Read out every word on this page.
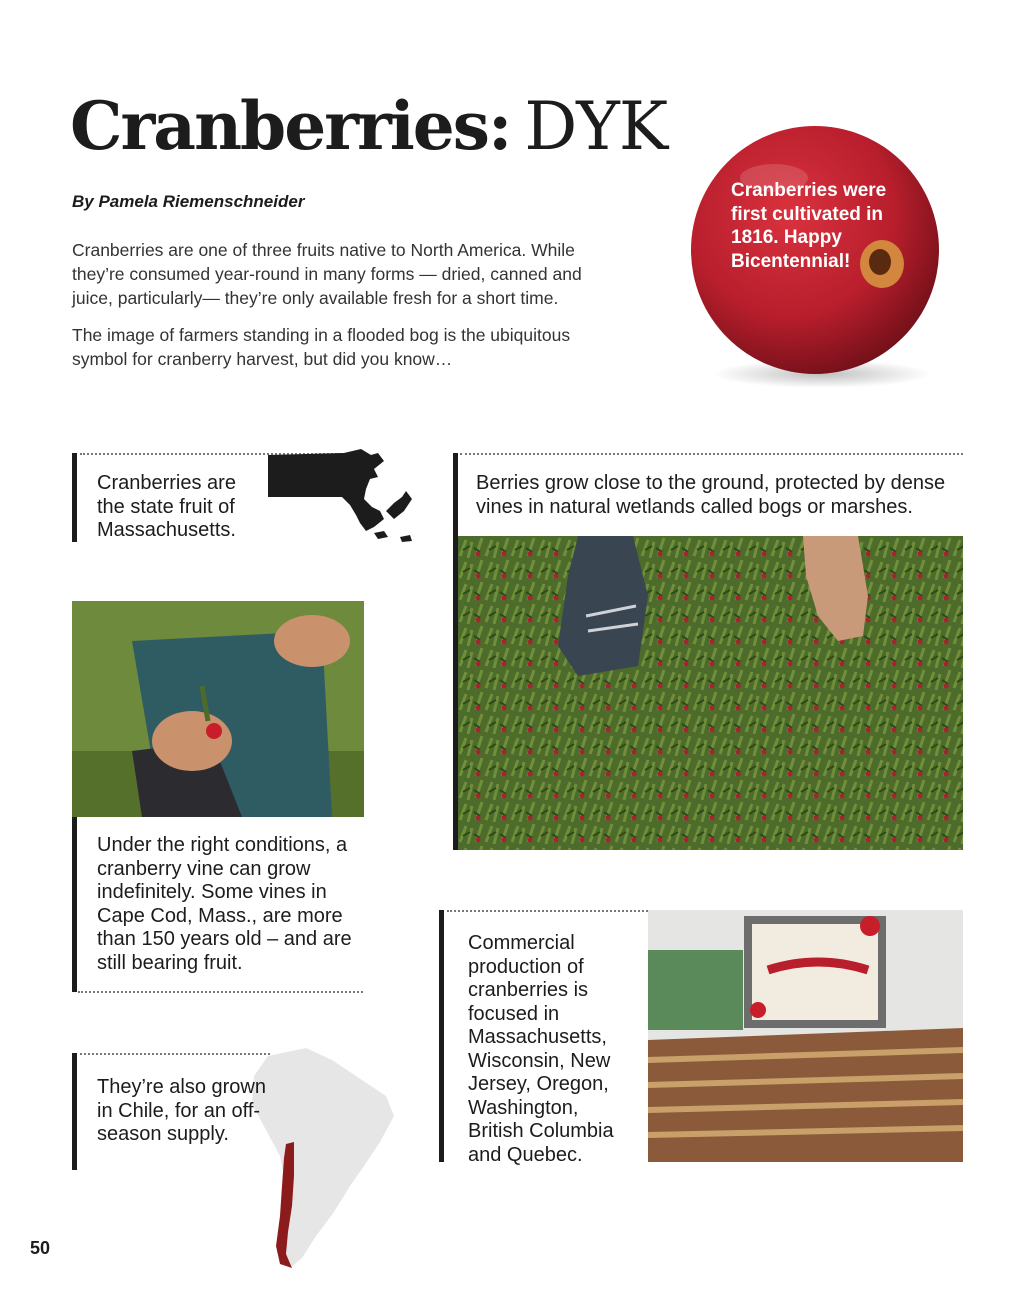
Cranberries: DYK
By Pamela Riemenschneider

Cranberries are one of three fruits native to North America. While they’re consumed year-round in many forms — dried, canned and juice, particularly— they’re only available fresh for a short time.

The image of farmers standing in a flooded bog is the ubiquitous symbol for cranberry harvest, but did you know…

Cranberries were first cultivated in 1816. Happy Bicentennial!

Cranberries are the state fruit of Massachusetts.

Berries grow close to the ground, protected by dense vines in natural wetlands called bogs or marshes.

Under the right conditions, a cranberry vine can grow indefinitely. Some vines in Cape Cod, Mass., are more than 150 years old – and are still bearing fruit.

Commercial production of cranberries is focused in Massachusetts, Wisconsin, New Jersey, Oregon, Washington, British Columbia and Quebec.

They’re also grown in Chile, for an off-season supply.

50
